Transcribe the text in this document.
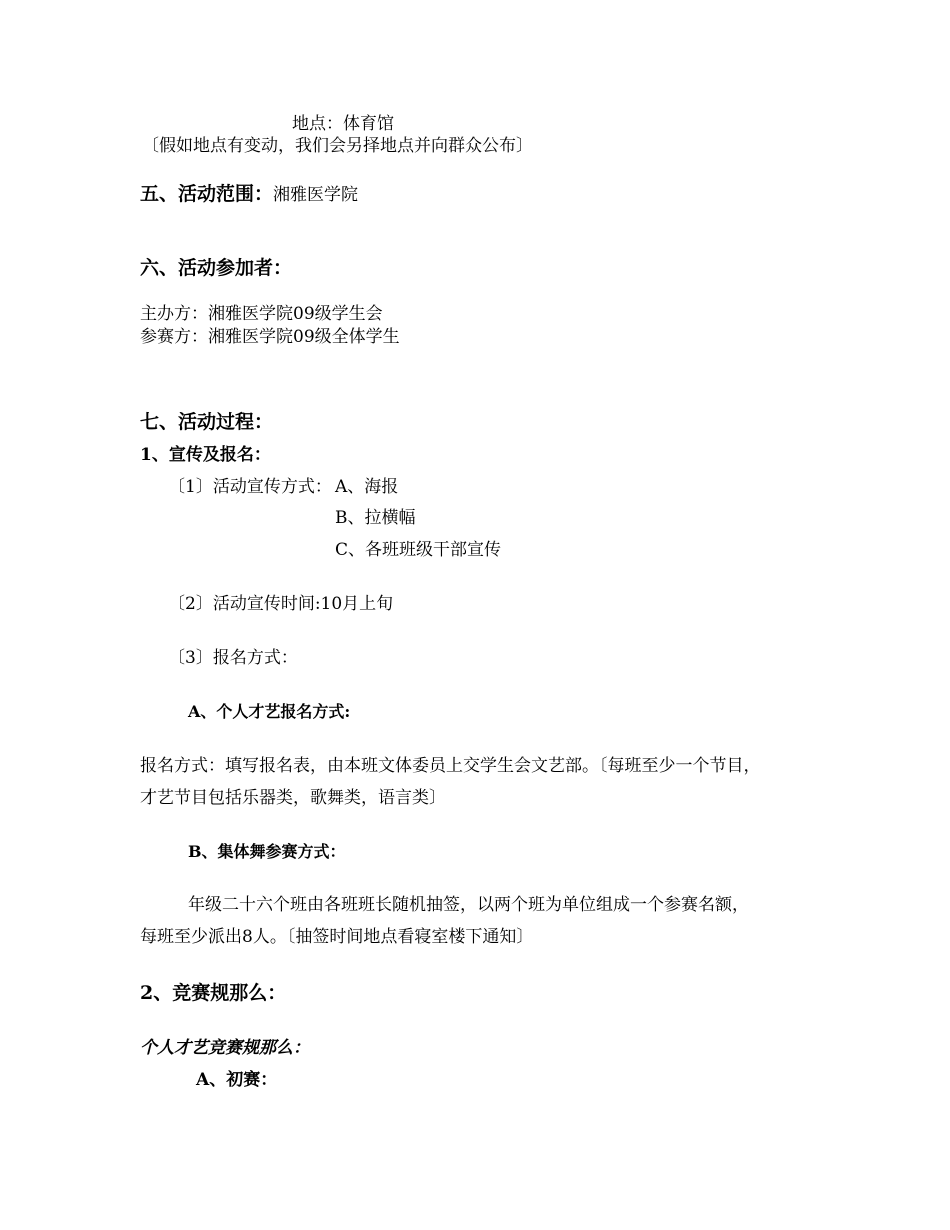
地点：体育馆
〔假如地点有变动，我们会另择地点并向群众公布〕
五、活动范围：湘雅医学院
六、活动参加者：
主办方：湘雅医学院09级学生会
参赛方：湘雅医学院09级全体学生
七、活动过程：
1、宣传及报名：
〔1〕活动宣传方式： A、海报
B、拉横幅
C、各班班级干部宣传
〔2〕活动宣传时间:10月上旬
〔3〕报名方式：
A、个人才艺报名方式:
报名方式：填写报名表，由本班文体委员上交学生会文艺部。〔每班至少一个节目，
才艺节目包括乐器类，歌舞类，语言类〕
B、集体舞参赛方式：
年级二十六个班由各班班长随机抽签，以两个班为单位组成一个参赛名额，
每班至少派出8人。〔抽签时间地点看寝室楼下通知〕
2、竞赛规那么：
个人才艺竞赛规那么：
A、初赛：
